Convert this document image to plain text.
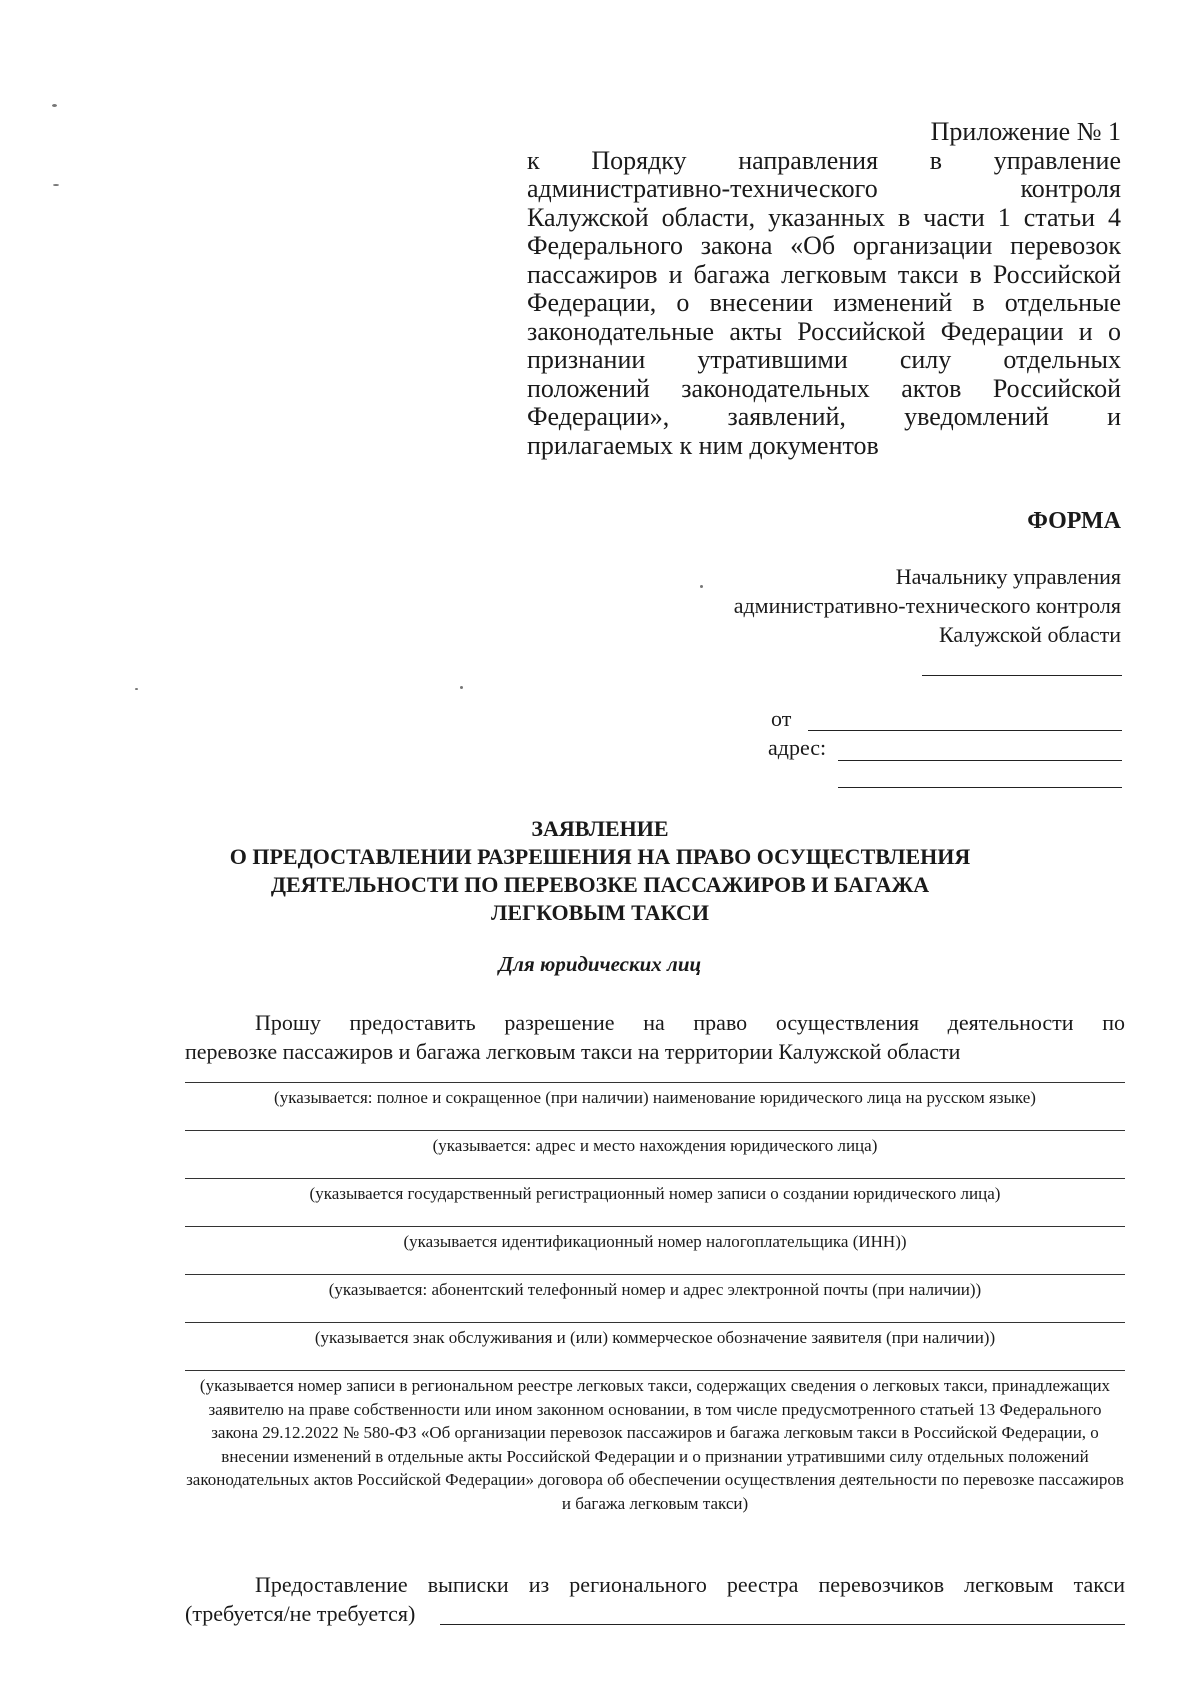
Приложение № 1
к Порядку направления в управление
административно-технического контроля
Калужской области, указанных в части 1 статьи 4
Федерального закона «Об организации перевозок
пассажиров и багажа легковым такси в Российской
Федерации, о внесении изменений в отдельные
законодательные акты Российской Федерации и о
признании утратившими силу отдельных
положений законодательных актов Российской
Федерации», заявлений, уведомлений и
прилагаемых к ним документов
ФОРМА
Начальнику управления
административно-технического контроля
Калужской области
от
адрес:
ЗАЯВЛЕНИЕ
О ПРЕДОСТАВЛЕНИИ РАЗРЕШЕНИЯ НА ПРАВО ОСУЩЕСТВЛЕНИЯ
ДЕЯТЕЛЬНОСТИ ПО ПЕРЕВОЗКЕ ПАССАЖИРОВ И БАГАЖА
ЛЕГКОВЫМ ТАКСИ
Для юридических лиц
Прошу предоставить разрешение на право осуществления деятельности по
перевозке пассажиров и багажа легковым такси на территории Калужской области
(указывается: полное и сокращенное (при наличии) наименование юридического лица на русском языке)
(указывается: адрес и место нахождения юридического лица)
(указывается государственный регистрационный номер записи о создании юридического лица)
(указывается идентификационный номер налогоплательщика (ИНН))
(указывается: абонентский телефонный номер и адрес электронной почты (при наличии))
(указывается знак обслуживания и (или) коммерческое обозначение заявителя (при наличии))
(указывается номер записи в региональном реестре легковых такси, содержащих сведения о легковых такси, принадлежащих заявителю на праве собственности или ином законном основании, в том числе предусмотренного статьей 13 Федерального закона 29.12.2022 № 580-ФЗ «Об организации перевозок пассажиров и багажа легковым такси в Российской Федерации, о внесении изменений в отдельные акты Российской Федерации и о признании утратившими силу отдельных положений законодательных актов Российской Федерации» договора об обеспечении осуществления деятельности по перевозке пассажиров и багажа легковым такси)
Предоставление выписки из регионального реестра перевозчиков легковым такси
(требуется/не требуется)
